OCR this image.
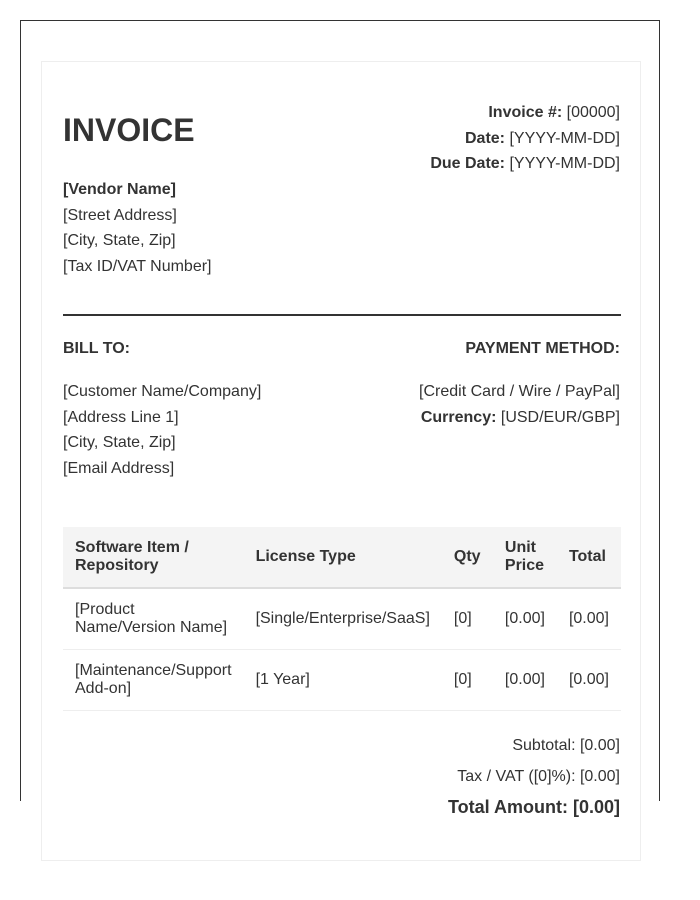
INVOICE	Invoice #: [00000]
Date: [YYYY-MM-DD]
Due Date: [YYYY-MM-DD]
[Vendor Name]
[Street Address]
[City, State, Zip]
[Tax ID/VAT Number]
BILL TO:	PAYMENT METHOD:
[Customer Name/Company]
[Address Line 1]
[City, State, Zip]
[Email Address]
[Credit Card / Wire / PayPal]
Currency: [USD/EUR/GBP]
Software Item / Repository	License Type	Qty	Unit Price	Total
[Product Name/Version Name]	[Single/Enterprise/SaaS]	[0]	[0.00]	[0.00]
[Maintenance/Support Add-on]	[1 Year]	[0]	[0.00]	[0.00]
Subtotal: [0.00]
Tax / VAT ([0]%): [0.00]
Total Amount: [0.00]
